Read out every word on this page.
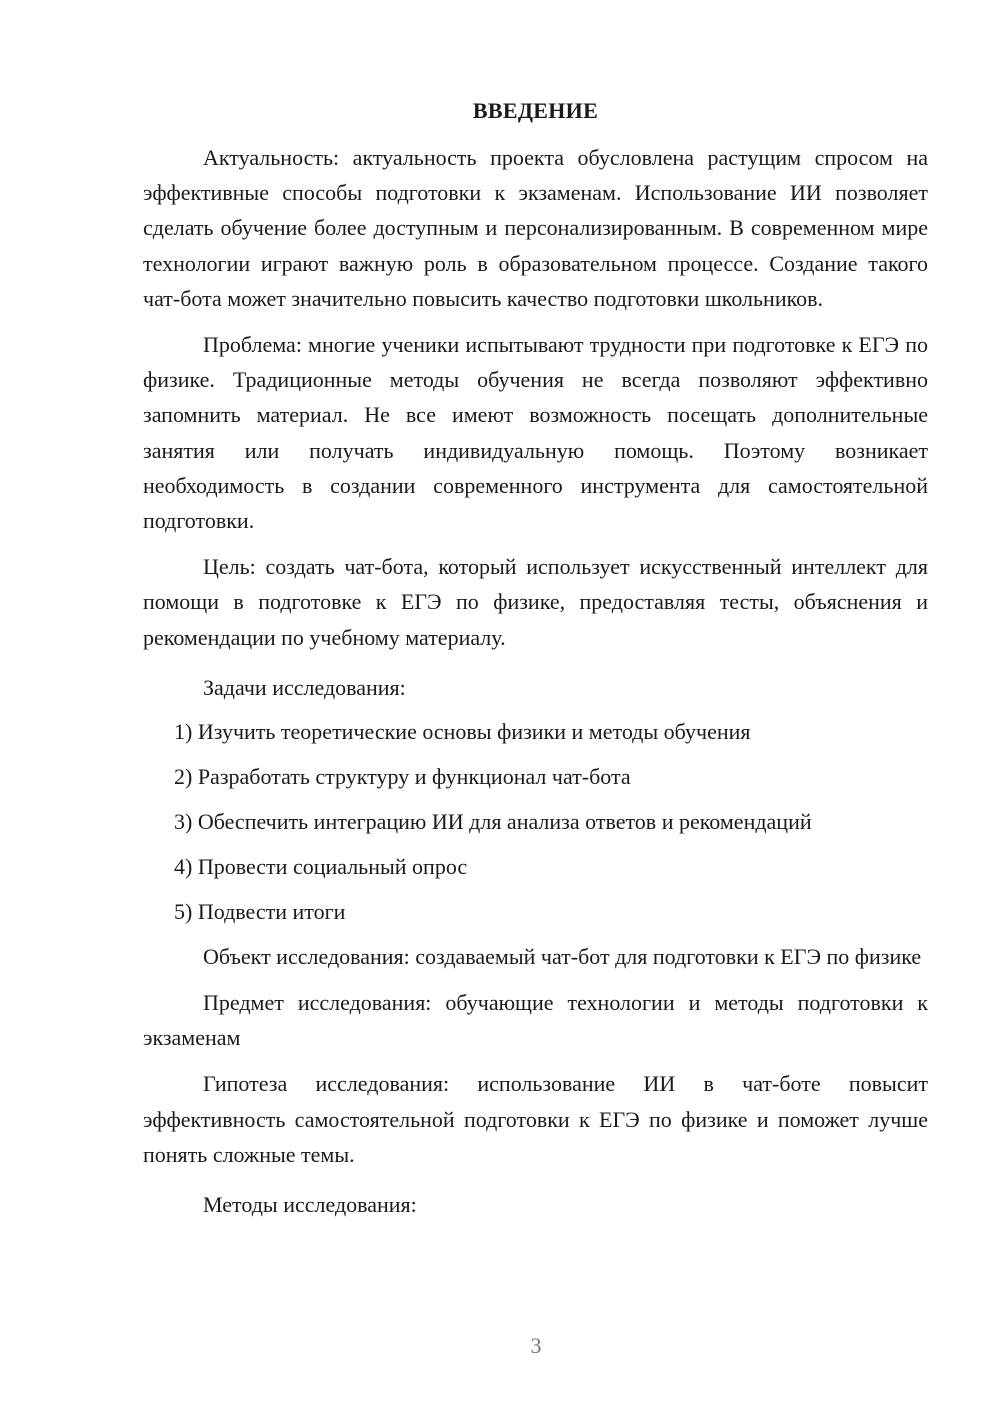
ВВЕДЕНИЕ

Актуальность: актуальность проекта обусловлена растущим спросом на эффективные способы подготовки к экзаменам. Использование ИИ позволяет сделать обучение более доступным и персонализированным. В современном мире технологии играют важную роль в образовательном процессе. Создание такого чат-бота может значительно повысить качество подготовки школьников.

Проблема: многие ученики испытывают трудности при подготовке к ЕГЭ по физике. Традиционные методы обучения не всегда позволяют эффективно запомнить материал. Не все имеют возможность посещать дополнительные занятия или получать индивидуальную помощь. Поэтому возникает необходимость в создании современного инструмента для самостоятельной подготовки.

Цель: создать чат-бота, который использует искусственный интеллект для помощи в подготовке к ЕГЭ по физике, предоставляя тесты, объяснения и рекомендации по учебному материалу.

Задачи исследования:

1) Изучить теоретические основы физики и методы обучения
2) Разработать структуру и функционал чат-бота
3) Обеспечить интеграцию ИИ для анализа ответов и рекомендаций
4) Провести социальный опрос
5) Подвести итоги

Объект исследования: создаваемый чат-бот для подготовки к ЕГЭ по физике

Предмет исследования: обучающие технологии и методы подготовки к экзаменам

Гипотеза исследования: использование ИИ в чат-боте повысит эффективность самостоятельной подготовки к ЕГЭ по физике и поможет лучше понять сложные темы.

Методы исследования:

3
